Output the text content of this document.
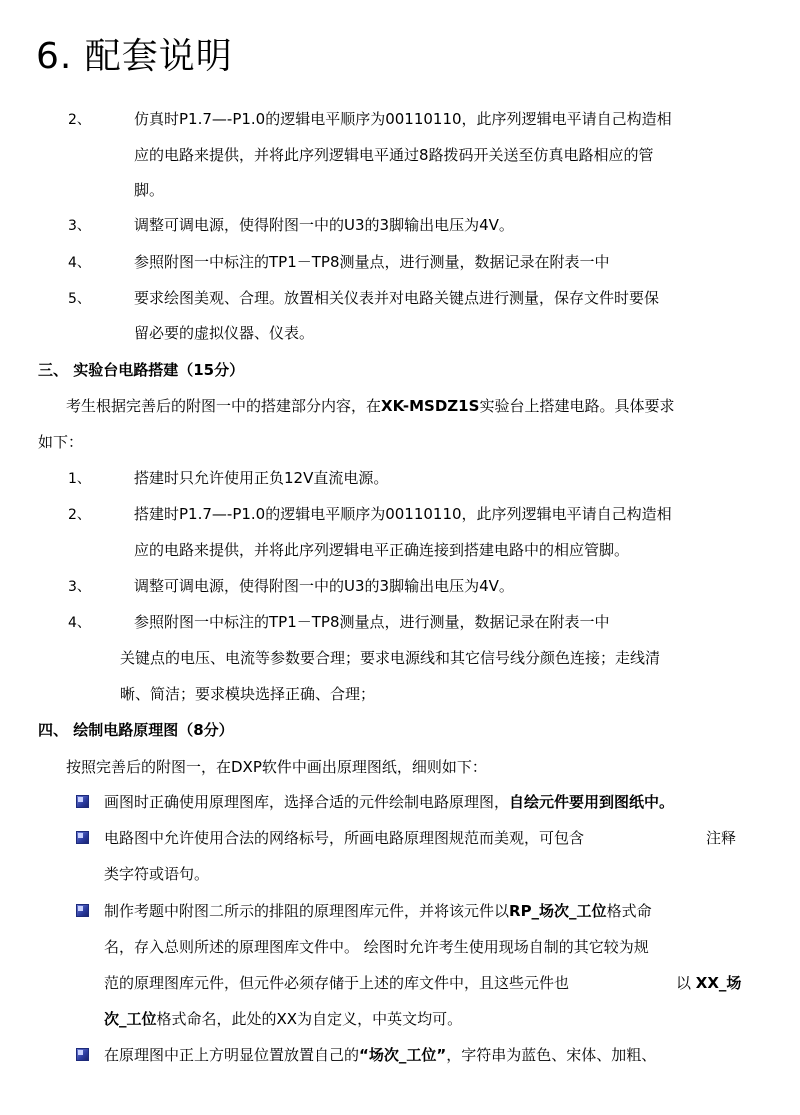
6. 配套说明
2、	仿真时P1.7—-P1.0的逻辑电平顺序为00110110，此序列逻辑电平请自己构造相
应的电路来提供，并将此序列逻辑电平通过8路拨码开关送至仿真电路相应的管
脚。
3、	调整可调电源，使得附图一中的U3的3脚输出电压为4V。
4、	参照附图一中标注的TP1－TP8测量点，进行测量，数据记录在附表一中
5、	要求绘图美观、合理。放置相关仪表并对电路关键点进行测量，保存文件时要保
留必要的虚拟仪器、仪表。
三、 实验台电路搭建（15分）
考生根据完善后的附图一中的搭建部分内容，在XK-MSDZ1S实验台上搭建电路。具体要求
如下：
1、	搭建时只允许使用正负12V直流电源。
2、	搭建时P1.7—-P1.0的逻辑电平顺序为00110110，此序列逻辑电平请自己构造相
应的电路来提供，并将此序列逻辑电平正确连接到搭建电路中的相应管脚。
3、	调整可调电源，使得附图一中的U3的3脚输出电压为4V。
4、	参照附图一中标注的TP1－TP8测量点，进行测量，数据记录在附表一中
关键点的电压、电流等参数要合理；要求电源线和其它信号线分颜色连接；走线清
晰、简洁；要求模块选择正确、合理；
四、 绘制电路原理图（8分）
按照完善后的附图一，在DXP软件中画出原理图纸，细则如下：
画图时正确使用原理图库，选择合适的元件绘制电路原理图，自绘元件要用到图纸中。
电路图中允许使用合法的网络标号，所画电路原理图规范而美观，可包含	注释
类字符或语句。
制作考题中附图二所示的排阻的原理图库元件，并将该元件以RP_场次_工位格式命
名，存入总则所述的原理图库文件中。 绘图时允许考生使用现场自制的其它较为规
范的原理图库元件，但元件必须存储于上述的库文件中，且这些元件也	以 XX_场
次_工位格式命名，此处的XX为自定义，中英文均可。
在原理图中正上方明显位置放置自己的“场次_工位”，字符串为蓝色、宋体、加粗、
